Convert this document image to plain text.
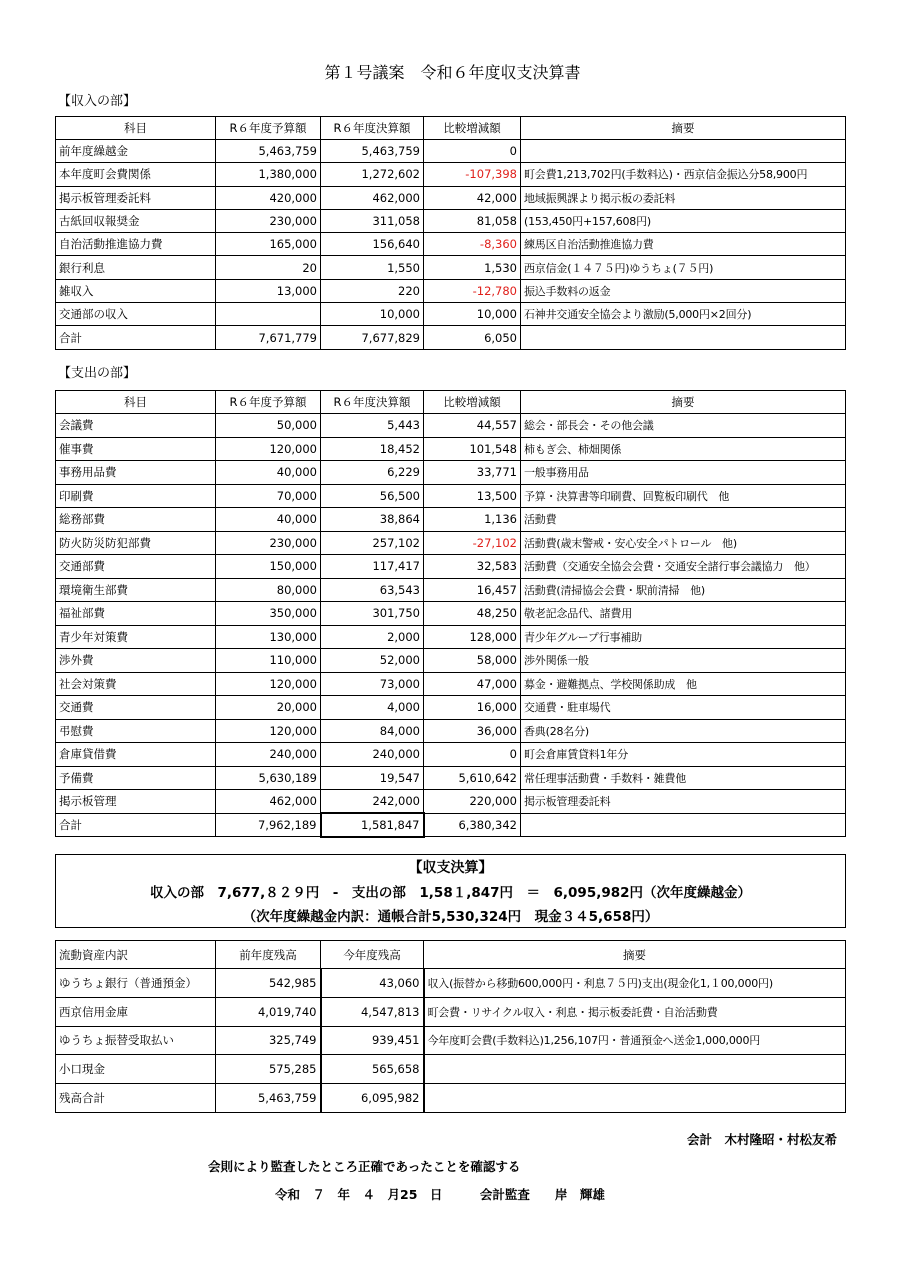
第１号議案　令和６年度収支決算書
【収入の部】
科目	R６年度予算額	R６年度決算額	比較増減額	摘要
前年度繰越金	5,463,759	5,463,759	0	
本年度町会費関係	1,380,000	1,272,602	-107,398	町会費1,213,702円(手数料込)・西京信金振込分58,900円
掲示板管理委託料	420,000	462,000	42,000	地域振興課より掲示板の委託料
古紙回収報奨金	230,000	311,058	81,058	(153,450円+157,608円)
自治活動推進協力費	165,000	156,640	-8,360	練馬区自治活動推進協力費
銀行利息	20	1,550	1,530	西京信金(１４７５円)ゆうちょ(７５円)
雑収入	13,000	220	-12,780	振込手数料の返金
交通部の収入		10,000	10,000	石神井交通安全協会より激励(5,000円×2回分)
合計	7,671,779	7,677,829	6,050	
【支出の部】
科目	R６年度予算額	R６年度決算額	比較増減額	摘要
会議費	50,000	5,443	44,557	総会・部長会・その他会議
催事費	120,000	18,452	101,548	柿もぎ会、柿畑関係
事務用品費	40,000	6,229	33,771	一般事務用品
印刷費	70,000	56,500	13,500	予算・決算書等印刷費、回覧板印刷代　他
総務部費	40,000	38,864	1,136	活動費
防火防災防犯部費	230,000	257,102	-27,102	活動費(歳末警戒・安心安全パトロール　他)
交通部費	150,000	117,417	32,583	活動費（交通安全協会会費・交通安全諸行事会議協力　他）
環境衛生部費	80,000	63,543	16,457	活動費(清掃協会会費・駅前清掃　他)
福祉部費	350,000	301,750	48,250	敬老記念品代、諸費用
青少年対策費	130,000	2,000	128,000	青少年グループ行事補助
渉外費	110,000	52,000	58,000	渉外関係一般
社会対策費	120,000	73,000	47,000	募金・避難拠点、学校関係助成　他
交通費	20,000	4,000	16,000	交通費・駐車場代
弔慰費	120,000	84,000	36,000	香典(28名分)
倉庫貸借費	240,000	240,000	0	町会倉庫賃貸料1年分
予備費	5,630,189	19,547	5,610,642	常任理事活動費・手数料・雑費他
掲示板管理	462,000	242,000	220,000	掲示板管理委託料
合計	7,962,189	1,581,847	6,380,342	
【収支決算】
収入の部　7,677,８２９円　-　支出の部　1,58１,847円　＝　6,095,982円（次年度繰越金）
（次年度繰越金内訳：通帳合計5,530,324円　現金３４5,658円）
流動資産内訳	前年度残高	今年度残高	摘要
ゆうちょ銀行（普通預金）	542,985	43,060	収入(振替から移動600,000円・利息７５円)支出(現金化1,１00,000円)
西京信用金庫	4,019,740	4,547,813	町会費・リサイクル収入・利息・掲示板委託費・自治活動費
ゆうちょ振替受取払い	325,749	939,451	今年度町会費(手数料込)1,256,107円・普通預金へ送金1,000,000円
小口現金	575,285	565,658	
残高合計	5,463,759	6,095,982	
会計　木村隆昭・村松友希
会則により監査したところ正確であったことを確認する
令和　７　年　４　月25　日　　　会計監査　　岸　輝雄
